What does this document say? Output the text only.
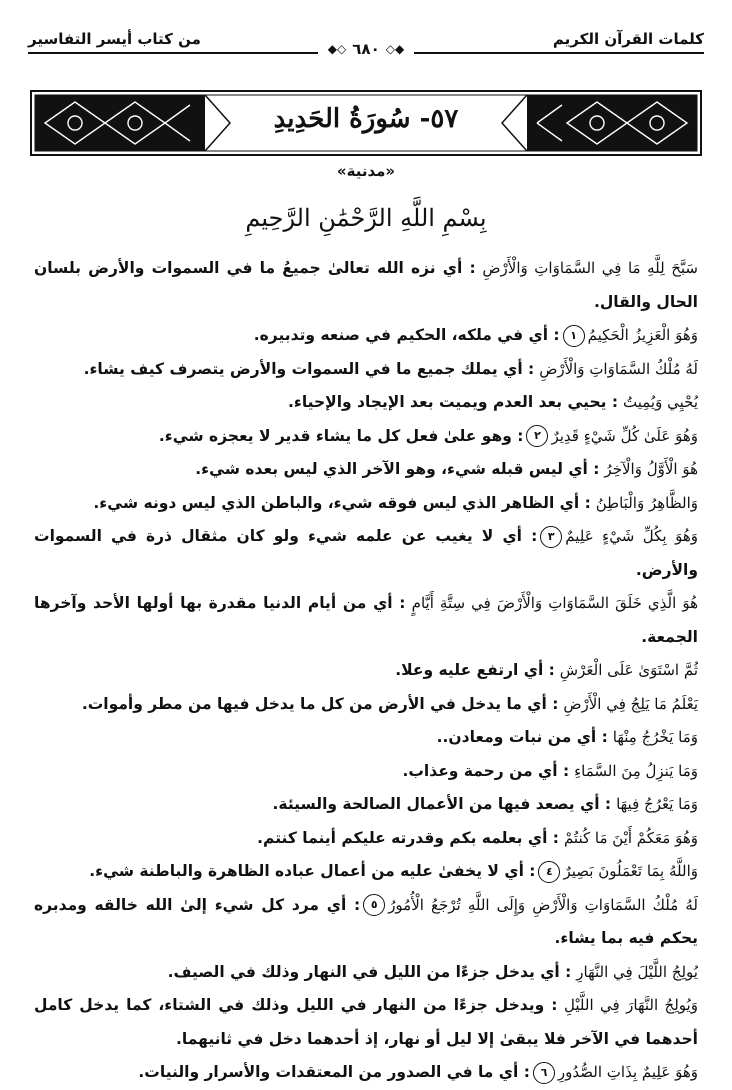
كلمات القرآن الكريم
من كتاب أيسر التفاسير
◆◇ ٦٨٠ ◇◆
٥٧- سُورَةُ الحَدِيدِ
«مدنية»
بِسْمِ اللَّهِ الرَّحْمَٰنِ الرَّحِيمِ

سَبَّحَ لِلَّهِ مَا فِي السَّمَاوَاتِ وَالْأَرْضِ : أي نزه الله تعالىٰ جميعُ ما في السموات والأرض بلسان الحال والقال.

وَهُوَ الْعَزِيزُ الْحَكِيمُ١: أي في ملكه، الحكيم في صنعه وتدبيره.

لَهُ مُلْكُ السَّمَاوَاتِ وَالْأَرْضِ : أي يملك جميع ما في السموات والأرض يتصرف كيف يشاء.

يُحْيِي وَيُمِيتُ : يحيي بعد العدم ويميت بعد الإيجاد والإحياء.

وَهُوَ عَلَىٰ كُلِّ شَيْءٍ قَدِيرٌ٢: وهو علىٰ فعل كل ما يشاء قدير لا يعجزه شيء.

هُوَ الْأَوَّلُ وَالْآخِرُ : أي ليس قبله شيء، وهو الآخر الذي ليس بعده شيء.

وَالظَّاهِرُ وَالْبَاطِنُ : أي الظاهر الذي ليس فوقه شيء، والباطن الذي ليس دونه شيء.

وَهُوَ بِكُلِّ شَيْءٍ عَلِيمٌ٣: أي لا يغيب عن علمه شيء ولو كان مثقال ذرة في السموات والأرض.

هُوَ الَّذِي خَلَقَ السَّمَاوَاتِ وَالْأَرْضَ فِي سِتَّةِ أَيَّامٍ : أي من أيام الدنيا مقدرة بها أولها الأحد وآخرها الجمعة.

ثُمَّ اسْتَوَىٰ عَلَى الْعَرْشِ : أي ارتفع عليه وعلا.

يَعْلَمُ مَا يَلِجُ فِي الْأَرْضِ : أي ما يدخل في الأرض من كل ما يدخل فيها من مطر وأموات.

وَمَا يَخْرُجُ مِنْهَا : أي من نبات ومعادن..

وَمَا يَنزِلُ مِنَ السَّمَاءِ : أي من رحمة وعذاب.

وَمَا يَعْرُجُ فِيهَا : أي يصعد فيها من الأعمال الصالحة والسيئة.

وَهُوَ مَعَكُمْ أَيْنَ مَا كُنتُمْ : أي بعلمه بكم وقدرته عليكم أينما كنتم.

وَاللَّهُ بِمَا تَعْمَلُونَ بَصِيرٌ٤: أي لا يخفىٰ عليه من أعمال عباده الظاهرة والباطنة شيء.

لَهُ مُلْكُ السَّمَاوَاتِ وَالْأَرْضِ وَإِلَى اللَّهِ تُرْجَعُ الْأُمُورُ٥: أي مرد كل شيء إلىٰ الله خالقه ومدبره يحكم فيه بما يشاء.

يُولِجُ اللَّيْلَ فِي النَّهَارِ : أي يدخل جزءًا من الليل في النهار وذلك في الصيف.

وَيُولِجُ النَّهَارَ فِي اللَّيْلِ : ويدخل جزءًا من النهار في الليل وذلك في الشتاء، كما يدخل كامل أحدهما في الآخر فلا يبقىٰ إلا ليل أو نهار، إذ أحدهما دخل في ثانيهما.

وَهُوَ عَلِيمٌ بِذَاتِ الصُّدُورِ٦: أي ما في الصدور من المعتقدات والأسرار والنيات.
